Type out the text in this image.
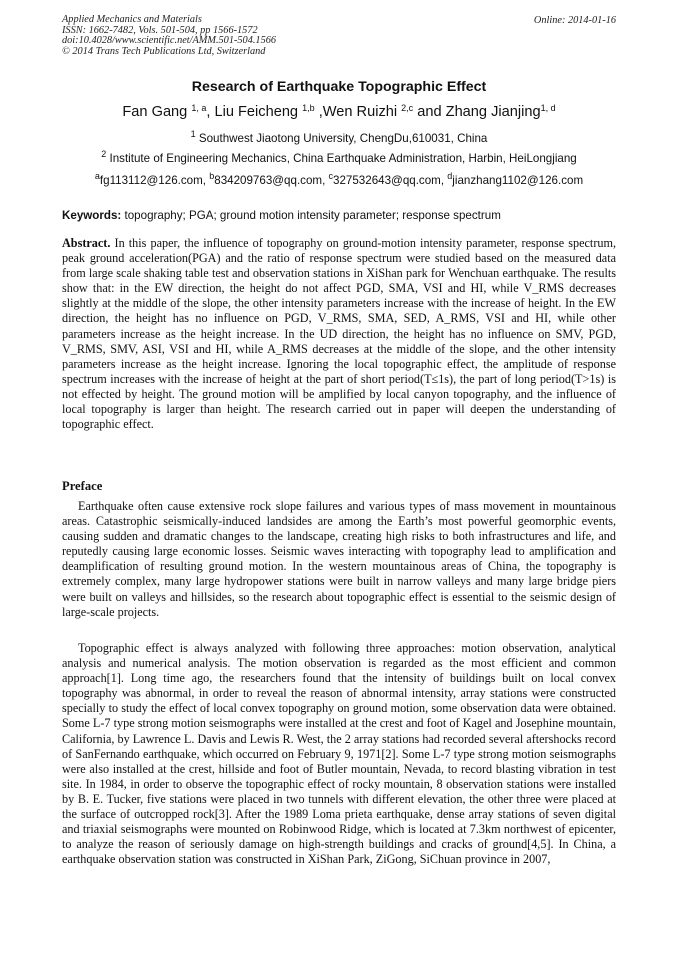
Applied Mechanics and Materials
ISSN: 1662-7482, Vols. 501-504, pp 1566-1572
doi:10.4028/www.scientific.net/AMM.501-504.1566
© 2014 Trans Tech Publications Ltd, Switzerland
Online: 2014-01-16
Research of Earthquake Topographic Effect
Fan Gang $^{1, a}$, Liu Feicheng $^{1,b}$ ,Wen Ruizhi $^{2,c}$ and Zhang Jianjing$^{1, d}$
$^1$ Southwest Jiaotong University, ChengDu,610031, China
$^2$ Institute of Engineering Mechanics, China Earthquake Administration, Harbin, HeiLongjiang
$^a$fg113112@126.com, $^b$834209763@qq.com, $^c$327532643@qq.com, $^d$jianzhang1102@126.com
Keywords: topography; PGA; ground motion intensity parameter; response spectrum
Abstract. In this paper, the influence of topography on ground-motion intensity parameter, response spectrum, peak ground acceleration(PGA) and the ratio of response spectrum were studied based on the measured data from large scale shaking table test and observation stations in XiShan park for Wenchuan earthquake. The results show that: in the EW direction, the height do not affect PGD, SMA, VSI and HI, while V_RMS decreases slightly at the middle of the slope, the other intensity parameters increase with the increase of height. In the EW direction, the height has no influence on PGD, V_RMS, SMA, SED, A_RMS, VSI and HI, while other parameters increase as the height increase. In the UD direction, the height has no influence on SMV, PGD, V_RMS, SMV, ASI, VSI and HI, while A_RMS decreases at the middle of the slope, and the other intensity parameters increase as the height increase. Ignoring the local topographic effect, the amplitude of response spectrum increases with the increase of height at the part of short period(T≤1s), the part of long period(T>1s) is not effected by height. The ground motion will be amplified by local canyon topography, and the influence of local topography is larger than height. The research carried out in paper will deepen the understanding of topographic effect.
Preface
Earthquake often cause extensive rock slope failures and various types of mass movement in mountainous areas. Catastrophic seismically-induced landsides are among the Earth’s most powerful geomorphic events, causing sudden and dramatic changes to the landscape, creating high risks to both infrastructures and life, and reputedly causing large economic losses. Seismic waves interacting with topography lead to amplification and deamplification of resulting ground motion. In the western mountainous areas of China, the topography is extremely complex, many large hydropower stations were built in narrow valleys and many large bridge piers were built on valleys and hillsides, so the research about topographic effect is essential to the seismic design of large-scale projects.
Topographic effect is always analyzed with following three approaches: motion observation, analytical analysis and numerical analysis. The motion observation is regarded as the most efficient and common approach[1]. Long time ago, the researchers found that the intensity of buildings built on local convex topography was abnormal, in order to reveal the reason of abnormal intensity, array stations were constructed specially to study the effect of local convex topography on ground motion, some observation data were obtained. Some L-7 type strong motion seismographs were installed at the crest and foot of Kagel and Josephine mountain, California, by Lawrence L. Davis and Lewis R. West, the 2 array stations had recorded several aftershocks record of SanFernando earthquake, which occurred on February 9, 1971[2]. Some L-7 type strong motion seismographs were also installed at the crest, hillside and foot of Butler mountain, Nevada, to record blasting vibration in test site. In 1984, in order to observe the topographic effect of rocky mountain, 8 observation stations were installed by B. E. Tucker, five stations were placed in two tunnels with different elevation, the other three were placed at the surface of outcropped rock[3]. After the 1989 Loma prieta earthquake, dense array stations of seven digital and triaxial seismographs were mounted on Robinwood Ridge, which is located at 7.3km northwest of epicenter, to analyze the reason of seriously damage on high-strength buildings and cracks of ground[4,5]. In China, a earthquake observation station was constructed in XiShan Park, ZiGong, SiChuan province in 2007,
